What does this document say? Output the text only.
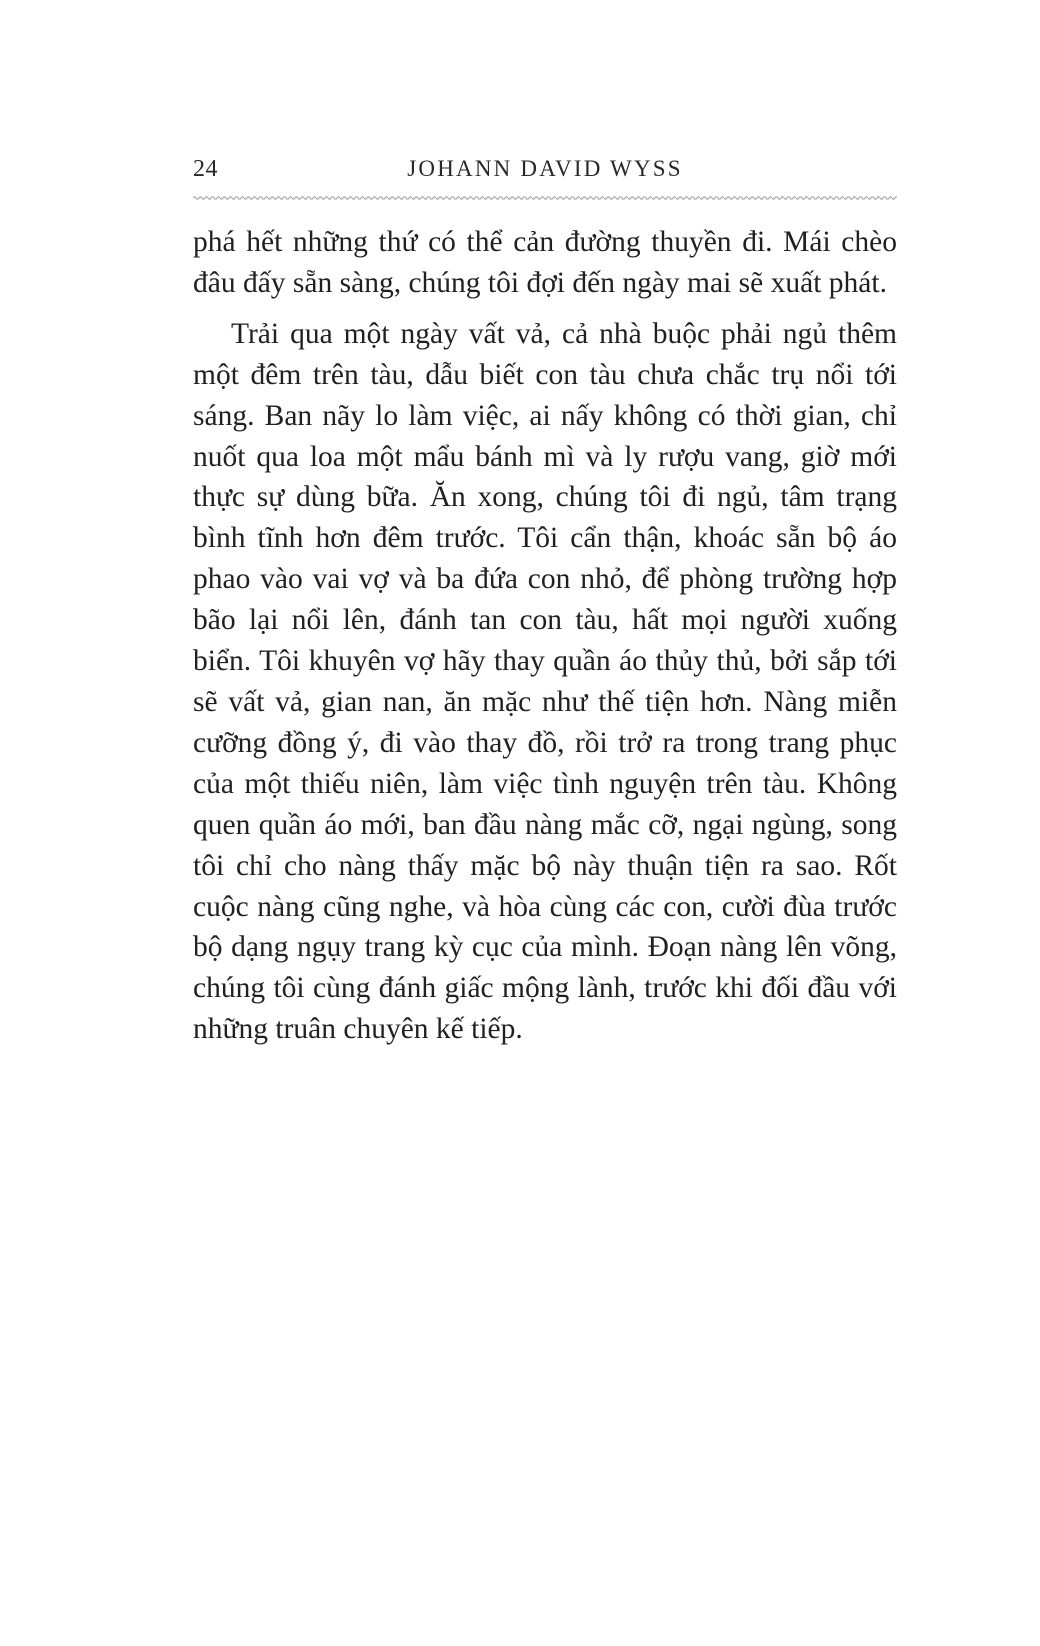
24	JOHANN DAVID WYSS

phá hết những thứ có thể cản đường thuyền đi. Mái chèo đâu đấy sẵn sàng, chúng tôi đợi đến ngày mai sẽ xuất phát.

Trải qua một ngày vất vả, cả nhà buộc phải ngủ thêm một đêm trên tàu, dẫu biết con tàu chưa chắc trụ nổi tới sáng. Ban nãy lo làm việc, ai nấy không có thời gian, chỉ nuốt qua loa một mẩu bánh mì và ly rượu vang, giờ mới thực sự dùng bữa. Ăn xong, chúng tôi đi ngủ, tâm trạng bình tĩnh hơn đêm trước. Tôi cẩn thận, khoác sẵn bộ áo phao vào vai vợ và ba đứa con nhỏ, để phòng trường hợp bão lại nổi lên, đánh tan con tàu, hất mọi người xuống biển. Tôi khuyên vợ hãy thay quần áo thủy thủ, bởi sắp tới sẽ vất vả, gian nan, ăn mặc như thế tiện hơn. Nàng miễn cưỡng đồng ý, đi vào thay đồ, rồi trở ra trong trang phục của một thiếu niên, làm việc tình nguyện trên tàu. Không quen quần áo mới, ban đầu nàng mắc cỡ, ngại ngùng, song tôi chỉ cho nàng thấy mặc bộ này thuận tiện ra sao. Rốt cuộc nàng cũng nghe, và hòa cùng các con, cười đùa trước bộ dạng ngụy trang kỳ cục của mình. Đoạn nàng lên võng, chúng tôi cùng đánh giấc mộng lành, trước khi đối đầu với những truân chuyên kế tiếp.
